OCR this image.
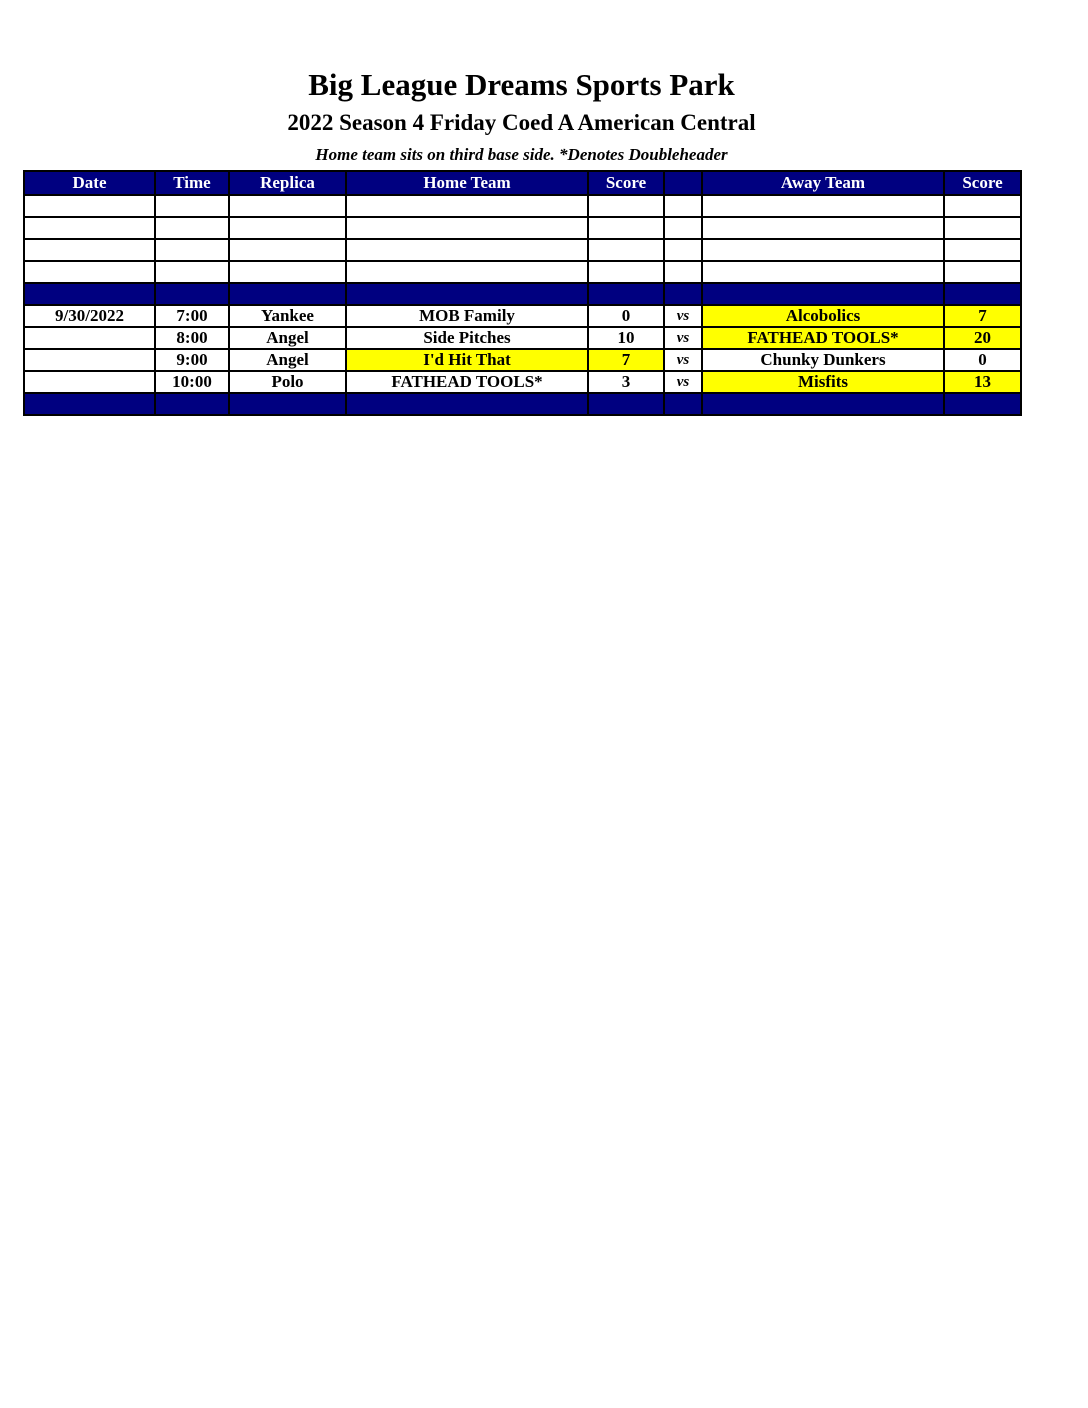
Big League Dreams Sports Park
2022 Season 4 Friday Coed A American Central
Home team sits on third base side. *Denotes Doubleheader
Date	Time	Replica	Home Team	Score		Away Team	Score

9/30/2022	7:00	Yankee	MOB Family	0	vs	Alcobolics	7
	8:00	Angel	Side Pitches	10	vs	FATHEAD TOOLS*	20
	9:00	Angel	I'd Hit That	7	vs	Chunky Dunkers	0
	10:00	Polo	FATHEAD TOOLS*	3	vs	Misfits	13
